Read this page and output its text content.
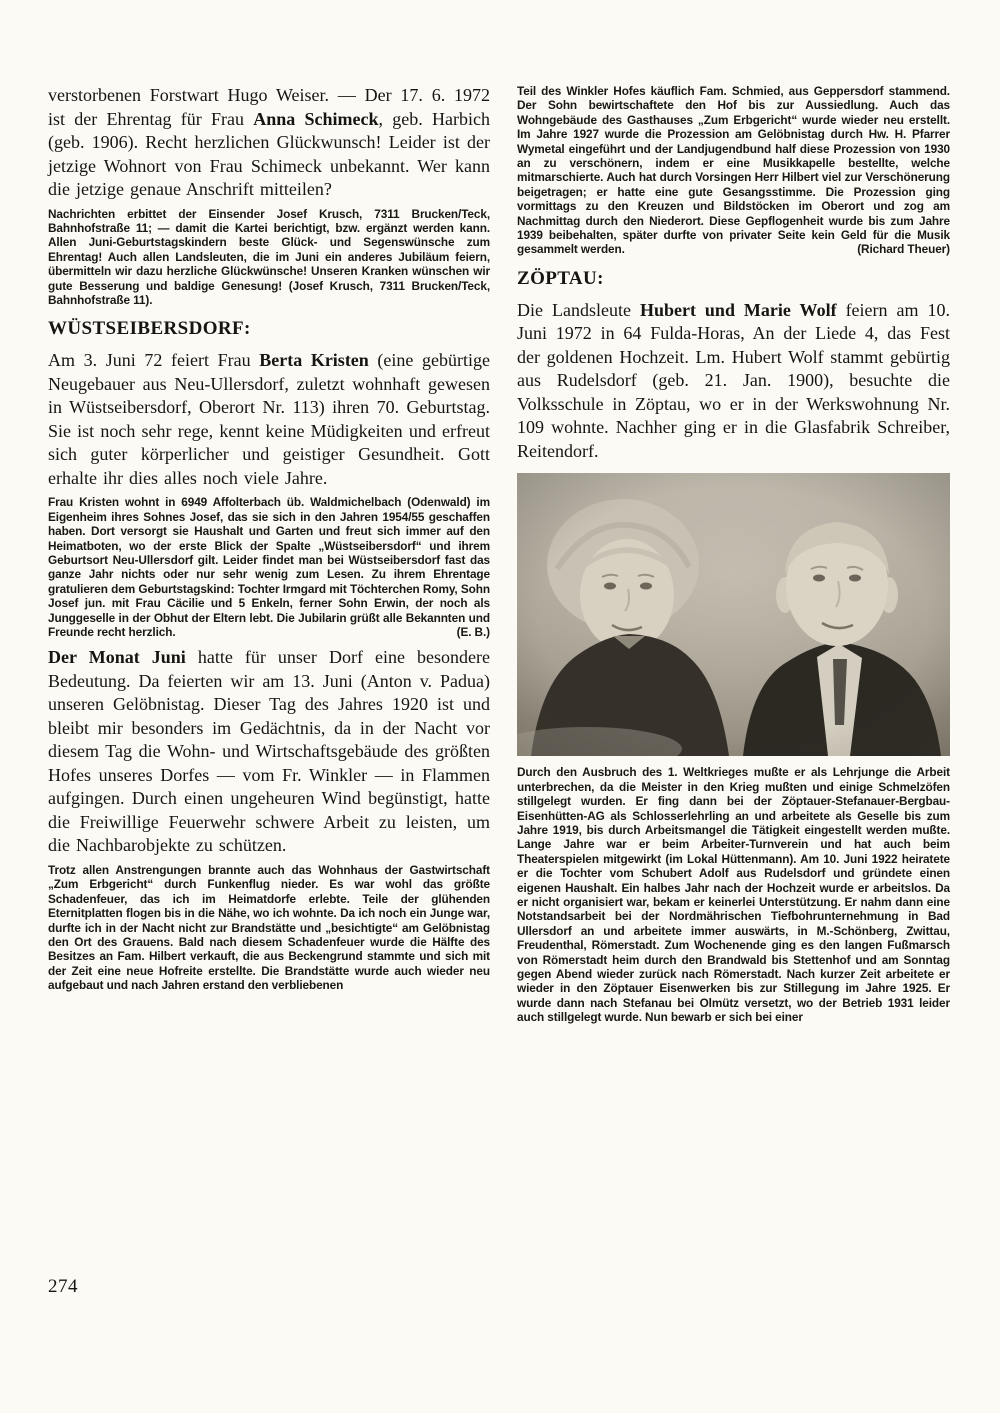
verstorbenen Forstwart Hugo Weiser. — Der 17. 6. 1972 ist der Ehrentag für Frau Anna Schimeck, geb. Harbich (geb. 1906). Recht herzlichen Glückwunsch! Leider ist der jetzige Wohnort von Frau Schimeck unbekannt. Wer kann die jetzige genaue Anschrift mitteilen?

Nachrichten erbittet der Einsender Josef Krusch, 7311 Brucken/Teck, Bahnhofstraße 11; — damit die Kartei berichtigt, bzw. ergänzt werden kann. Allen Juni-Geburtstagskindern beste Glück- und Segenswünsche zum Ehrentag! Auch allen Landsleuten, die im Juni ein anderes Jubiläum feiern, übermitteln wir dazu herzliche Glückwünsche! Unseren Kranken wünschen wir gute Besserung und baldige Genesung! (Josef Krusch, 7311 Brucken/Teck, Bahnhofstraße 11).

WÜSTSEIBERSDORF:

Am 3. Juni 72 feiert Frau Berta Kristen (eine gebürtige Neugebauer aus Neu-Ullersdorf, zuletzt wohnhaft gewesen in Wüstseibersdorf, Oberort Nr. 113) ihren 70. Geburtstag. Sie ist noch sehr rege, kennt keine Müdigkeiten und erfreut sich guter körperlicher und geistiger Gesundheit. Gott erhalte ihr dies alles noch viele Jahre.

Frau Kristen wohnt in 6949 Affolterbach üb. Waldmichelbach (Odenwald) im Eigenheim ihres Sohnes Josef, das sie sich in den Jahren 1954/55 geschaffen haben. Dort versorgt sie Haushalt und Garten und freut sich immer auf den Heimatboten, wo der erste Blick der Spalte „Wüstseibersdorf“ und ihrem Geburtsort Neu-Ullersdorf gilt. Leider findet man bei Wüstseibersdorf fast das ganze Jahr nichts oder nur sehr wenig zum Lesen. Zu ihrem Ehrentage gratulieren dem Geburtstagskind: Tochter Irmgard mit Töchterchen Romy, Sohn Josef jun. mit Frau Cäcilie und 5 Enkeln, ferner Sohn Erwin, der noch als Junggeselle in der Obhut der Eltern lebt. Die Jubilarin grüßt alle Bekannten und Freunde recht herzlich.	(E. B.)

Der Monat Juni hatte für unser Dorf eine besondere Bedeutung. Da feierten wir am 13. Juni (Anton v. Padua) unseren Gelöbnistag. Dieser Tag des Jahres 1920 ist und bleibt mir besonders im Gedächtnis, da in der Nacht vor diesem Tag die Wohn- und Wirtschaftsgebäude des größten Hofes unseres Dorfes — vom Fr. Winkler — in Flammen aufgingen. Durch einen ungeheuren Wind begünstigt, hatte die Freiwillige Feuerwehr schwere Arbeit zu leisten, um die Nachbarobjekte zu schützen.

Trotz allen Anstrengungen brannte auch das Wohnhaus der Gastwirtschaft „Zum Erbgericht“ durch Funkenflug nieder. Es war wohl das größte Schadenfeuer, das ich im Heimatdorfe erlebte. Teile der glühenden Eternitplatten flogen bis in die Nähe, wo ich wohnte. Da ich noch ein Junge war, durfte ich in der Nacht nicht zur Brandstätte und „besichtigte“ am Gelöbnistag den Ort des Grauens. Bald nach diesem Schadenfeuer wurde die Hälfte des Besitzes an Fam. Hilbert verkauft, die aus Beckengrund stammte und sich mit der Zeit eine neue Hofreite erstellte. Die Brandstätte wurde auch wieder neu aufgebaut und nach Jahren erstand den verbliebenen

Teil des Winkler Hofes käuflich Fam. Schmied, aus Geppersdorf stammend. Der Sohn bewirtschaftete den Hof bis zur Aussiedlung. Auch das Wohngebäude des Gasthauses „Zum Erbgericht“ wurde wieder neu erstellt. Im Jahre 1927 wurde die Prozession am Gelöbnistag durch Hw. H. Pfarrer Wymetal eingeführt und der Landjugendbund half diese Prozession von 1930 an zu verschönern, indem er eine Musikkapelle bestellte, welche mitmarschierte. Auch hat durch Vorsingen Herr Hilbert viel zur Verschönerung beigetragen; er hatte eine gute Gesangsstimme. Die Prozession ging vormittags zu den Kreuzen und Bildstöcken im Oberort und zog am Nachmittag durch den Niederort. Diese Gepflogenheit wurde bis zum Jahre 1939 beibehalten, später durfte von privater Seite kein Geld für die Musik gesammelt werden.	(Richard Theuer)

ZÖPTAU:

Die Landsleute Hubert und Marie Wolf feiern am 10. Juni 1972 in 64 Fulda-Horas, An der Liede 4, das Fest der goldenen Hochzeit. Lm. Hubert Wolf stammt gebürtig aus Rudelsdorf (geb. 21. Jan. 1900), besuchte die Volksschule in Zöptau, wo er in der Werkswohnung Nr. 109 wohnte. Nachher ging er in die Glasfabrik Schreiber, Reitendorf.

Durch den Ausbruch des 1. Weltkrieges mußte er als Lehrjunge die Arbeit unterbrechen, da die Meister in den Krieg mußten und einige Schmelzöfen stillgelegt wurden. Er fing dann bei der Zöptauer-Stefanauer-Bergbau-Eisenhütten-AG als Schlosserlehrling an und arbeitete als Geselle bis zum Jahre 1919, bis durch Arbeitsmangel die Tätigkeit eingestellt werden mußte. Lange Jahre war er beim Arbeiter-Turnverein und hat auch beim Theaterspielen mitgewirkt (im Lokal Hüttenmann). Am 10. Juni 1922 heiratete er die Tochter vom Schubert Adolf aus Rudelsdorf und gründete einen eigenen Haushalt. Ein halbes Jahr nach der Hochzeit wurde er arbeitslos. Da er nicht organisiert war, bekam er keinerlei Unterstützung. Er nahm dann eine Notstandsarbeit bei der Nordmährischen Tiefbohrunternehmung in Bad Ullersdorf an und arbeitete immer auswärts, in M.-Schönberg, Zwittau, Freudenthal, Römerstadt. Zum Wochenende ging es den langen Fußmarsch von Römerstadt heim durch den Brandwald bis Stettenhof und am Sonntag gegen Abend wieder zurück nach Römerstadt. Nach kurzer Zeit arbeitete er wieder in den Zöptauer Eisenwerken bis zur Stillegung im Jahre 1925. Er wurde dann nach Stefanau bei Olmütz versetzt, wo der Betrieb 1931 leider auch stillgelegt wurde. Nun bewarb er sich bei einer

274
